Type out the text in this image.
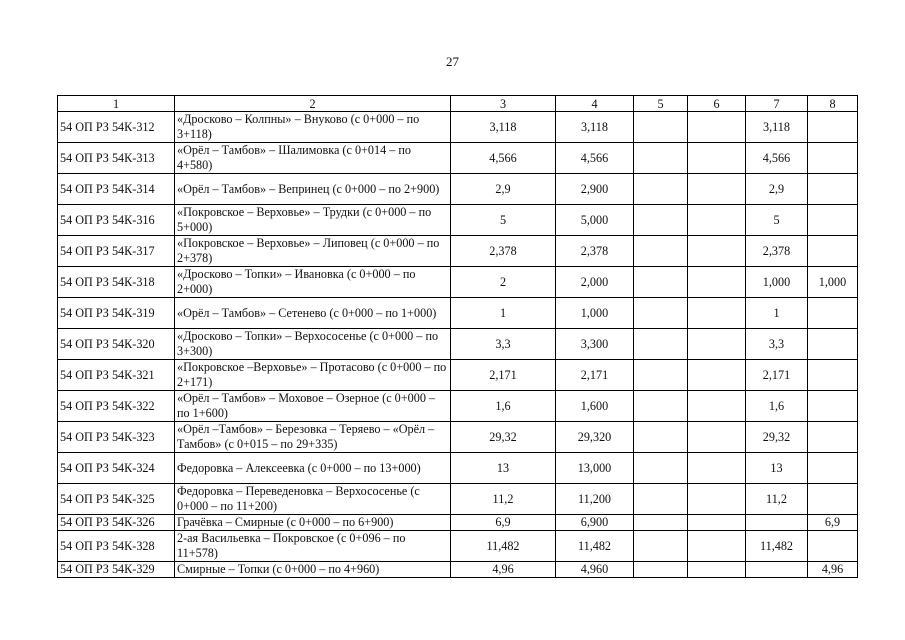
27
1	2	3	4	5	6	7	8
54 ОП РЗ 54К-312	«Дросково – Колпны» – Внуково (с 0+000 – по 3+118)	3,118	3,118			3,118	
54 ОП РЗ 54К-313	«Орёл – Тамбов» – Шалимовка (с 0+014 – по 4+580)	4,566	4,566			4,566	
54 ОП РЗ 54К-314	«Орёл – Тамбов» – Вепринец (с 0+000 – по 2+900)	2,9	2,900			2,9	
54 ОП РЗ 54К-316	«Покровское – Верховье» – Трудки (с 0+000 – по 5+000)	5	5,000			5	
54 ОП РЗ 54К-317	«Покровское – Верховье» – Липовец (с 0+000 – по 2+378)	2,378	2,378			2,378	
54 ОП РЗ 54К-318	«Дросково – Топки» – Ивановка (с 0+000 – по 2+000)	2	2,000			1,000	1,000
54 ОП РЗ 54К-319	«Орёл – Тамбов» – Сетенево (с 0+000 – по 1+000)	1	1,000			1	
54 ОП РЗ 54К-320	«Дросково – Топки» – Верхососенье (с 0+000 – по 3+300)	3,3	3,300			3,3	
54 ОП РЗ 54К-321	«Покровское –Верховье» – Протасово (с 0+000 – по 2+171)	2,171	2,171			2,171	
54 ОП РЗ 54К-322	«Орёл – Тамбов» – Моховое – Озерное (с 0+000 – по 1+600)	1,6	1,600			1,6	
54 ОП РЗ 54К-323	«Орёл –Тамбов» – Березовка – Теряево – «Орёл –Тамбов» (с 0+015 – по 29+335)	29,32	29,320			29,32	
54 ОП РЗ 54К-324	Федоровка – Алексеевка (с 0+000 – по 13+000)	13	13,000			13	
54 ОП РЗ 54К-325	Федоровка – Переведеновка – Верхососенье (с 0+000 – по 11+200)	11,2	11,200			11,2	
54 ОП РЗ 54К-326	Грачёвка – Смирные (с 0+000 – по 6+900)	6,9	6,900				6,9
54 ОП РЗ 54К-328	2-ая Васильевка – Покровское (с 0+096 – по 11+578)	11,482	11,482			11,482	
54 ОП РЗ 54К-329	Смирные – Топки (с 0+000 – по 4+960)	4,96	4,960				4,96
